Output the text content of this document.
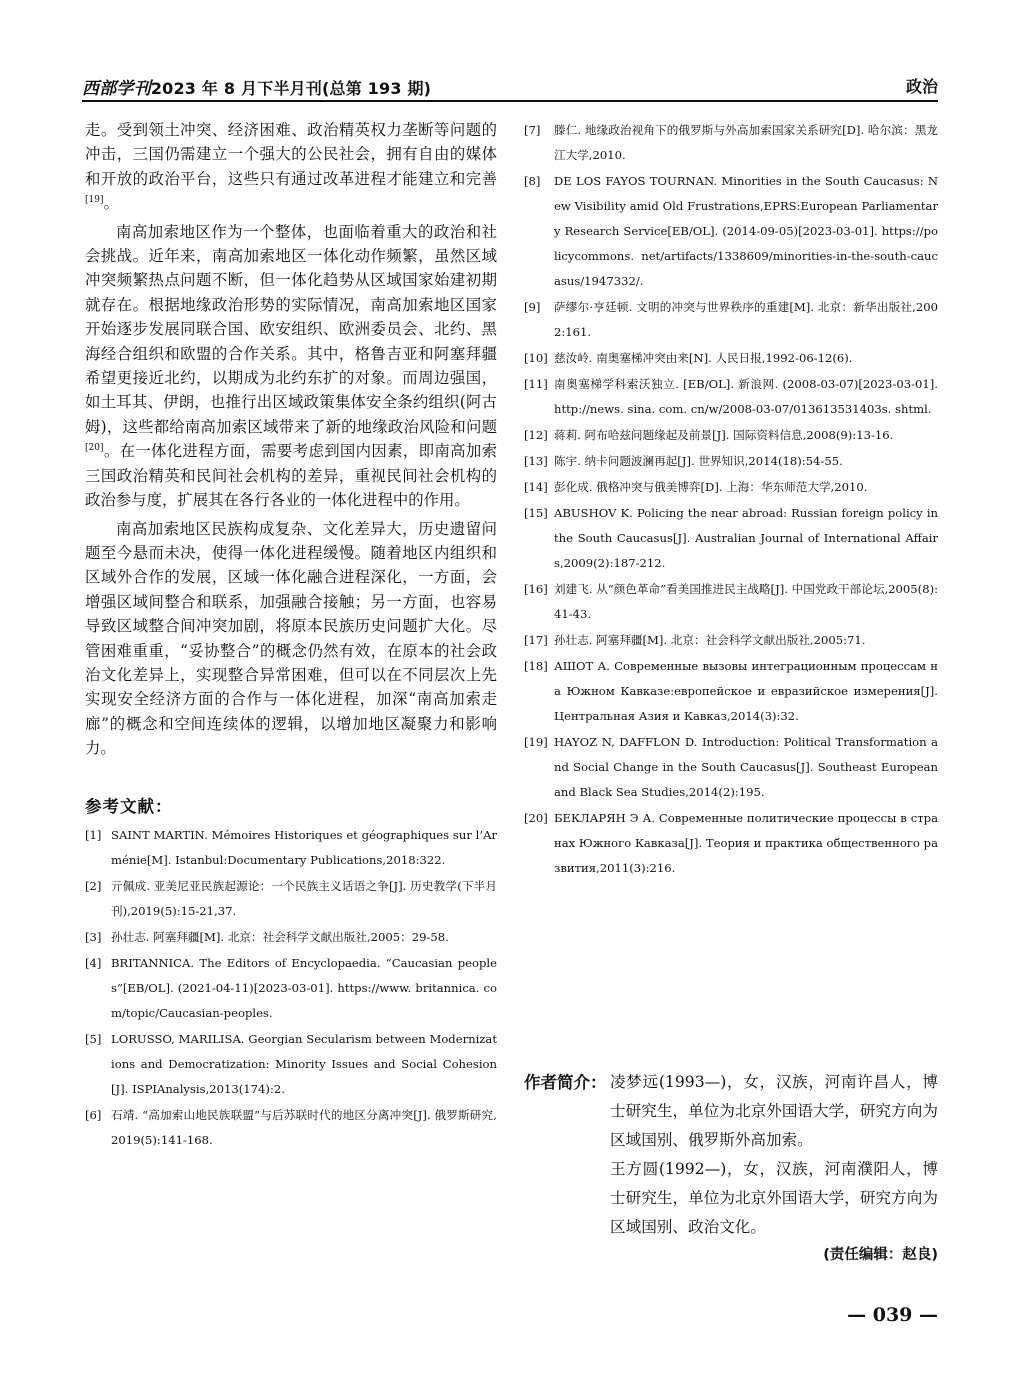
西部学刊2023 年 8 月下半月刊(总第 193 期)	政治

走。受到领土冲突、经济困难、政治精英权力垄断等问题的冲击，三国仍需建立一个强大的公民社会，拥有自由的媒体和开放的政治平台，这些只有通过改革进程才能建立和完善[19]。

南高加索地区作为一个整体，也面临着重大的政治和社会挑战。近年来，南高加索地区一体化动作频繁，虽然区域冲突频繁热点问题不断，但一体化趋势从区域国家始建初期就存在。根据地缘政治形势的实际情况，南高加索地区国家开始逐步发展同联合国、欧安组织、欧洲委员会、北约、黑海经合组织和欧盟的合作关系。其中，格鲁吉亚和阿塞拜疆希望更接近北约，以期成为北约东扩的对象。而周边强国，如土耳其、伊朗，也推行出区域政策集体安全条约组织(阿古姆)，这些都给南高加索区域带来了新的地缘政治风险和问题[20]。在一体化进程方面，需要考虑到国内因素，即南高加索三国政治精英和民间社会机构的差异，重视民间社会机构的政治参与度，扩展其在各行各业的一体化进程中的作用。

南高加索地区民族构成复杂、文化差异大，历史遗留问题至今悬而未决，使得一体化进程缓慢。随着地区内组织和区域外合作的发展，区域一体化融合进程深化，一方面，会增强区域间整合和联系，加强融合接触；另一方面，也容易导致区域整合间冲突加剧，将原本民族历史问题扩大化。尽管困难重重，“妥协整合”的概念仍然有效，在原本的社会政治文化差异上，实现整合异常困难，但可以在不同层次上先实现安全经济方面的合作与一体化进程，加深“南高加索走廊”的概念和空间连续体的逻辑，以增加地区凝聚力和影响力。

参考文献：
[1] SAINT MARTIN. Mémoires Historiques et géographiques sur l’Arménie[M]. Istanbul:Documentary Publications,2018:322.
[2] 亓佩成. 亚美尼亚民族起源论：一个民族主义话语之争[J]. 历史教学(下半月刊),2019(5):15-21,37.
[3] 孙壮志. 阿塞拜疆[M]. 北京：社会科学文献出版社,2005：29-58.
[4] BRITANNICA. The Editors of Encyclopaedia. “Caucasian peoples”[EB/OL]. (2021-04-11)[2023-03-01]. https://www. britannica. com/topic/Caucasian-peoples.
[5] LORUSSO, MARILISA. Georgian Secularism between Modernizations and Democratization: Minority Issues and Social Cohesion[J]. ISPIAnalysis,2013(174):2.
[6] 石靖. “高加索山地民族联盟”与后苏联时代的地区分离冲突[J]. 俄罗斯研究,2019(5):141-168.
[7] 滕仁. 地缘政治视角下的俄罗斯与外高加索国家关系研究[D]. 哈尔滨：黑龙江大学,2010.
[8] DE LOS FAYOS TOURNAN. Minorities in the South Caucasus: New Visibility amid Old Frustrations,EPRS:European Parliamentary Research Service[EB/OL]. (2014-09-05)[2023-03-01]. https://policycommons. net/artifacts/1338609/minorities-in-the-south-caucasus/1947332/.
[9] 萨缪尔·亨廷顿. 文明的冲突与世界秩序的重建[M]. 北京：新华出版社,2002:161.
[10] 慈汝岭. 南奥塞梯冲突由来[N]. 人民日报,1992-06-12(6).
[11] 南奥塞梯学科索沃独立. [EB/OL]. 新浪网. (2008-03-07)[2023-03-01]. http://news. sina. com. cn/w/2008-03-07/013613531403s. shtml.
[12] 蒋莉. 阿布哈兹问题缘起及前景[J]. 国际资料信息,2008(9):13-16.
[13] 陈宇. 纳卡问题波澜再起[J]. 世界知识,2014(18):54-55.
[14] 彭化成. 俄格冲突与俄美博弈[D]. 上海：华东师范大学,2010.
[15] ABUSHOV K. Policing the near abroad: Russian foreign policy in the South Caucasus[J]. Australian Journal of International Affairs,2009(2):187-212.
[16] 刘建飞. 从“颜色革命”看美国推进民主战略[J]. 中国党政干部论坛,2005(8):41-43.
[17] 孙壮志. 阿塞拜疆[M]. 北京：社会科学文献出版社,2005:71.
[18] АШОТ А. Современные вызовы интеграционным процессам на Южном Кавказе:европейское и евразийское измерения[J]. Центральная Азия и Кавказ,2014(3):32.
[19] HAYOZ N, DAFFLON D. Introduction: Political Transformation and Social Change in the South Caucasus[J]. Southeast European and Black Sea Studies,2014(2):195.
[20] БЕКЛАРЯН Э А. Современные политические процессы в странах Южного Кавказа[J]. Теория и практика общественного развития,2011(3):216.
作者简介： 凌梦远(1993—)，女，汉族，河南许昌人，博士研究生，单位为北京外国语大学，研究方向为区域国别、俄罗斯外高加索。

王方圆(1992—)，女，汉族，河南濮阳人，博士研究生，单位为北京外国语大学，研究方向为区域国别、政治文化。

(责任编辑：赵良)
— 039 —
